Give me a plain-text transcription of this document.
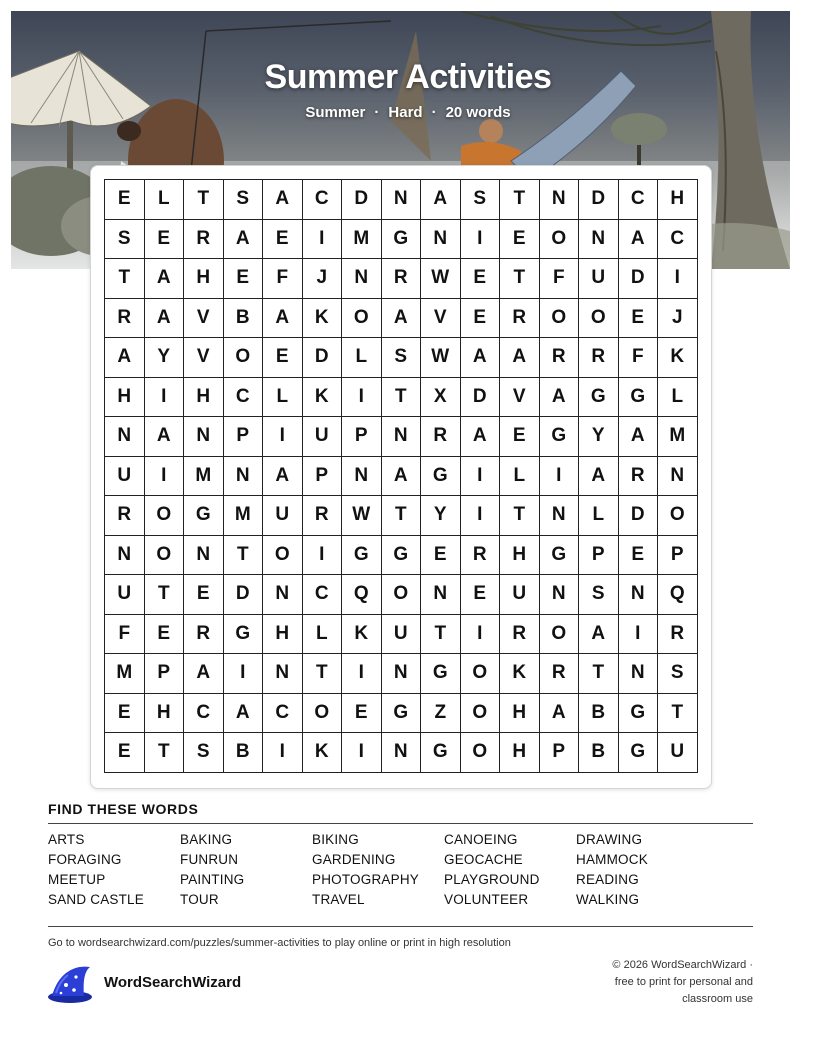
Summer Activities
Summer · Hard · 20 words
E	L	T	S	A	C	D	N	A	S	T	N	D	C	H
S	E	R	A	E	I	M	G	N	I	E	O	N	A	C
T	A	H	E	F	J	N	R	W	E	T	F	U	D	I
R	A	V	B	A	K	O	A	V	E	R	O	O	E	J
A	Y	V	O	E	D	L	S	W	A	A	R	R	F	K
H	I	H	C	L	K	I	T	X	D	V	A	G	G	L
N	A	N	P	I	U	P	N	R	A	E	G	Y	A	M
U	I	M	N	A	P	N	A	G	I	L	I	A	R	N
R	O	G	M	U	R	W	T	Y	I	T	N	L	D	O
N	O	N	T	O	I	G	G	E	R	H	G	P	E	P
U	T	E	D	N	C	Q	O	N	E	U	N	S	N	Q
F	E	R	G	H	L	K	U	T	I	R	O	A	I	R
M	P	A	I	N	T	I	N	G	O	K	R	T	N	S
E	H	C	A	C	O	E	G	Z	O	H	A	B	G	T
E	T	S	B	I	K	I	N	G	O	H	P	B	G	U
FIND THESE WORDS
ARTS	BAKING	BIKING	CANOEING	DRAWING
FORAGING	FUNRUN	GARDENING	GEOCACHE	HAMMOCK
MEETUP	PAINTING	PHOTOGRAPHY	PLAYGROUND	READING
SAND CASTLE	TOUR	TRAVEL	VOLUNTEER	WALKING
Go to wordsearchwizard.com/puzzles/summer-activities to play online or print in high resolution
WordSearchWizard
© 2026 WordSearchWizard ·
free to print for personal and
classroom use
